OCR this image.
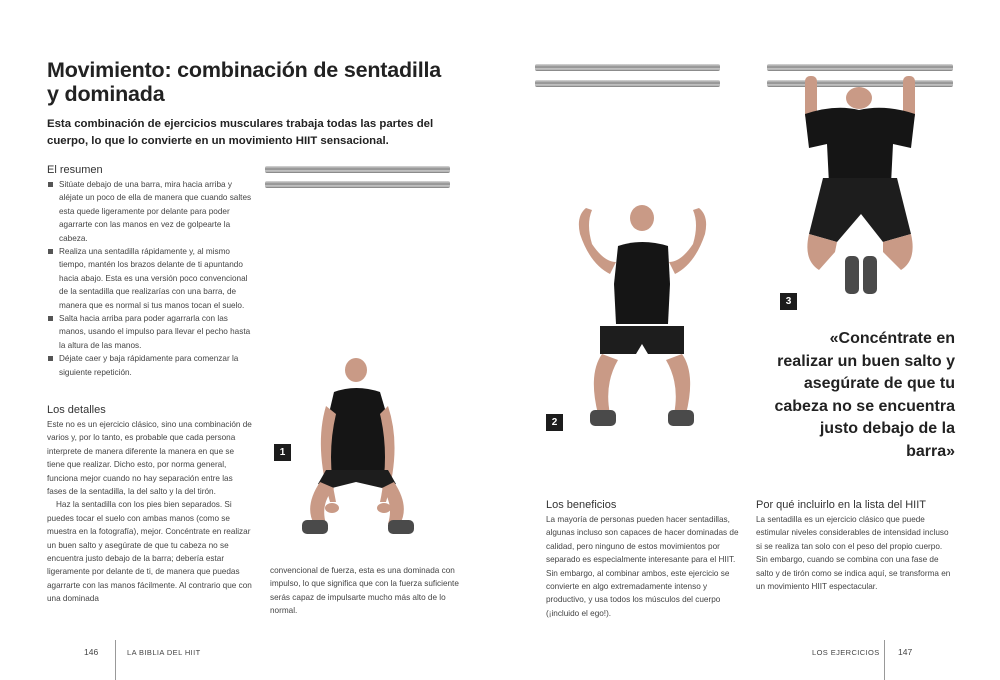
Movimiento: combinación de sentadilla y dominada

Esta combinación de ejercicios musculares trabaja todas las partes del cuerpo, lo que lo convierte en un movimiento HIIT sensacional.

El resumen
Sitúate debajo de una barra, mira hacia arriba y aléjate un poco de ella de manera que cuando saltes esta quede ligeramente por delante para poder agarrarte con las manos en vez de golpearte la cabeza.
Realiza una sentadilla rápidamente y, al mismo tiempo, mantén los brazos delante de ti apuntando hacia abajo. Esta es una versión poco convencional de la sentadilla que realizarías con una barra, de manera que es normal si tus manos tocan el suelo.
Salta hacia arriba para poder agarrarla con las manos, usando el impulso para llevar el pecho hasta la altura de las manos.
Déjate caer y baja rápidamente para comenzar la siguiente repetición.
Los detalles

Este no es un ejercicio clásico, sino una combinación de varios y, por lo tanto, es probable que cada persona interprete de manera diferente la manera en que se tiene que realizar. Dicho esto, por norma general, funciona mejor cuando no hay separación entre las fases de la sentadilla, la del salto y la del tirón.

Haz la sentadilla con los pies bien separados. Si puedes tocar el suelo con ambas manos (como se muestra en la fotografía), mejor. Concéntrate en realizar un buen salto y asegúrate de que tu cabeza no se encuentra justo debajo de la barra; debería estar ligeramente por delante de ti, de manera que puedas agarrarte con las manos fácilmente. Al contrario que con una dominada

convencional de fuerza, esta es una dominada con impulso, lo que significa que con la fuerza suficiente serás capaz de impulsarte mucho más alto de lo normal.

1
146	LA BIBLIA DEL HIIT
2
3
«Concéntrate en realizar un buen salto y asegúrate de que tu cabeza no se encuentra justo debajo de la barra»
Los beneficios

La mayoría de personas pueden hacer sentadillas, algunas incluso son capaces de hacer dominadas de calidad, pero ninguno de estos movimientos por separado es especialmente interesante para el HIIT. Sin embargo, al combinar ambos, este ejercicio se convierte en algo extremadamente intenso y productivo, y usa todos los músculos del cuerpo (¡incluido el ego!).

Por qué incluirlo en la lista del HIIT

La sentadilla es un ejercicio clásico que puede estimular niveles considerables de intensidad incluso si se realiza tan solo con el peso del propio cuerpo. Sin embargo, cuando se combina con una fase de salto y de tirón como se indica aquí, se transforma en un movimiento HIIT espectacular.

LOS EJERCICIOS 147
